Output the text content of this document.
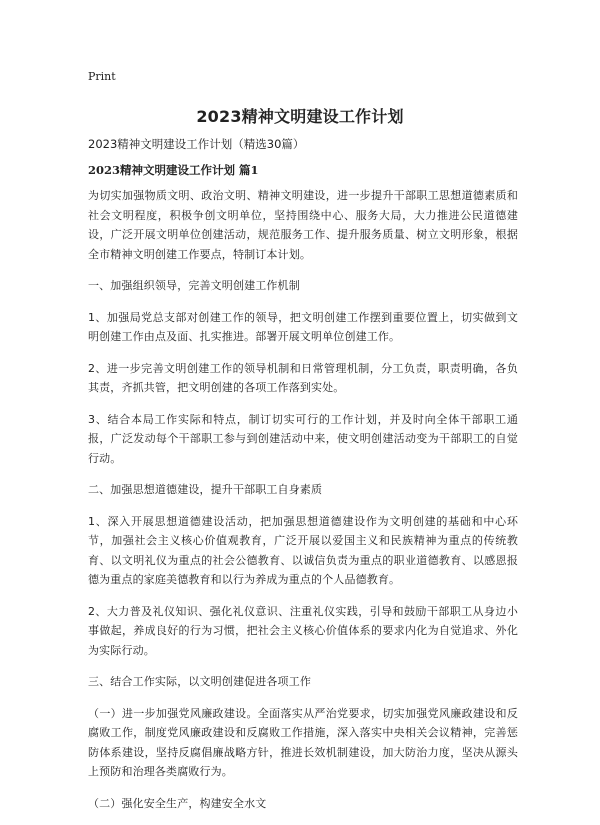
Print
2023精神文明建设工作计划

2023精神文明建设工作计划（精选30篇）

2023精神文明建设工作计划 篇1

为切实加强物质文明、政治文明、精神文明建设，进一步提升干部职工思想道德素质和社会文明程度，积极争创文明单位，坚持围绕中心、服务大局，大力推进公民道德建设，广泛开展文明单位创建活动，规范服务工作、提升服务质量、树立文明形象，根据全市精神文明创建工作要点，特制订本计划。

一、加强组织领导，完善文明创建工作机制

1、加强局党总支部对创建工作的领导，把文明创建工作摆到重要位置上，切实做到文明创建工作由点及面、扎实推进。部署开展文明单位创建工作。

2、进一步完善文明创建工作的领导机制和日常管理机制，分工负责，职责明确，各负其责，齐抓共管，把文明创建的各项工作落到实处。

3、结合本局工作实际和特点，制订切实可行的工作计划，并及时向全体干部职工通报，广泛发动每个干部职工参与到创建活动中来，使文明创建活动变为干部职工的自觉行动。

二、加强思想道德建设，提升干部职工自身素质

1、深入开展思想道德建设活动，把加强思想道德建设作为文明创建的基础和中心环节，加强社会主义核心价值观教育，广泛开展以爱国主义和民族精神为重点的传统教育、以文明礼仪为重点的社会公德教育、以诚信负责为重点的职业道德教育、以感恩报德为重点的家庭美德教育和以行为养成为重点的个人品德教育。

2、大力普及礼仪知识、强化礼仪意识、注重礼仪实践，引导和鼓励干部职工从身边小事做起，养成良好的行为习惯，把社会主义核心价值体系的要求内化为自觉追求、外化为实际行动。

三、结合工作实际，以文明创建促进各项工作

（一）进一步加强党风廉政建设。全面落实从严治党要求，切实加强党风廉政建设和反腐败工作，制度党风廉政建设和反腐败工作措施，深入落实中央相关会议精神，完善惩防体系建设，坚持反腐倡廉战略方针，推进长效机制建设，加大防治力度，坚决从源头上预防和治理各类腐败行为。

（二）强化安全生产，构建安全水文
